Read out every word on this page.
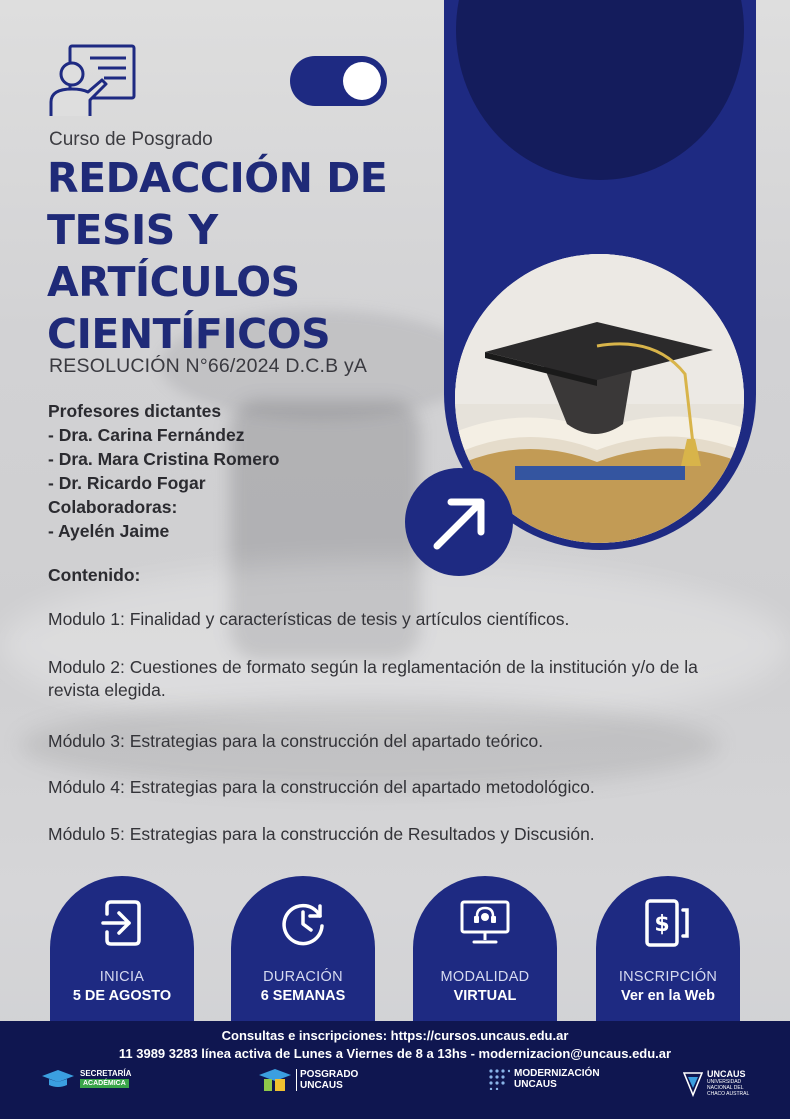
Curso de Posgrado
REDACCIÓN DE
TESIS Y
ARTÍCULOS
CIENTÍFICOS
RESOLUCIÓN N°66/2024 D.C.B yA
Profesores dictantes
- Dra. Carina Fernández
- Dra. Mara Cristina Romero
- Dr. Ricardo Fogar
Colaboradoras:
- Ayelén Jaime
Contenido:
Modulo 1: Finalidad y características de tesis y artículos científicos.
Modulo 2: Cuestiones de formato según la reglamentación de la institución y/o de la revista elegida.
Módulo 3: Estrategias para la construcción del apartado teórico.
Módulo 4: Estrategias para la construcción del apartado metodológico.
Módulo 5: Estrategias para la construcción de Resultados y Discusión.
INICIA
5 DE AGOSTO
DURACIÓN
6 SEMANAS
MODALIDAD
VIRTUAL
$
INSCRIPCIÓN
Ver en la Web
Consultas e inscripciones: https://cursos.uncaus.edu.ar
11 3989 3283 línea activa de Lunes a Viernes de 8 a 13hs - modernizacion@uncaus.edu.ar
SECRETARÍA
ACADÉMICA
POSGRADO
UNCAUS
MODERNIZACIÓN
UNCAUS
UNCAUS
UNIVERSIDAD NACIONAL DEL CHACO AUSTRAL
